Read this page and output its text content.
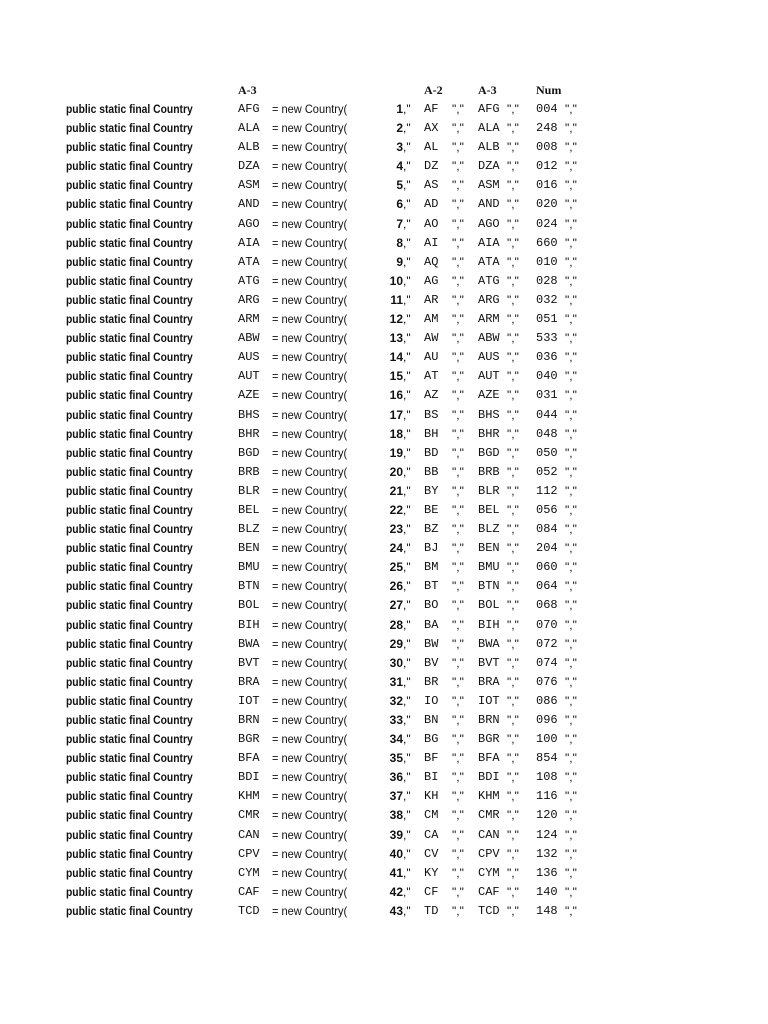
A-3	A-2	A-3	Num
public static final Country	AFG = new Country(	1 ," AF "," AFG "," 004 ","
public static final Country	ALA = new Country(	2 ," AX "," ALA "," 248 ","
public static final Country	ALB = new Country(	3 ," AL "," ALB "," 008 ","
public static final Country	DZA = new Country(	4 ," DZ "," DZA "," 012 ","
public static final Country	ASM = new Country(	5 ," AS "," ASM "," 016 ","
public static final Country	AND = new Country(	6 ," AD "," AND "," 020 ","
public static final Country	AGO = new Country(	7 ," AO "," AGO "," 024 ","
public static final Country	AIA = new Country(	8 ," AI "," AIA "," 660 ","
public static final Country	ATA = new Country(	9 ," AQ "," ATA "," 010 ","
public static final Country	ATG = new Country(	10 ," AG "," ATG "," 028 ","
public static final Country	ARG = new Country(	11 ," AR "," ARG "," 032 ","
public static final Country	ARM = new Country(	12 ," AM "," ARM "," 051 ","
public static final Country	ABW = new Country(	13 ," AW "," ABW "," 533 ","
public static final Country	AUS = new Country(	14 ," AU "," AUS "," 036 ","
public static final Country	AUT = new Country(	15 ," AT "," AUT "," 040 ","
public static final Country	AZE = new Country(	16 ," AZ "," AZE "," 031 ","
public static final Country	BHS = new Country(	17 ," BS "," BHS "," 044 ","
public static final Country	BHR = new Country(	18 ," BH "," BHR "," 048 ","
public static final Country	BGD = new Country(	19 ," BD "," BGD "," 050 ","
public static final Country	BRB = new Country(	20 ," BB "," BRB "," 052 ","
public static final Country	BLR = new Country(	21 ," BY "," BLR "," 112 ","
public static final Country	BEL = new Country(	22 ," BE "," BEL "," 056 ","
public static final Country	BLZ = new Country(	23 ," BZ "," BLZ "," 084 ","
public static final Country	BEN = new Country(	24 ," BJ "," BEN "," 204 ","
public static final Country	BMU = new Country(	25 ," BM "," BMU "," 060 ","
public static final Country	BTN = new Country(	26 ," BT "," BTN "," 064 ","
public static final Country	BOL = new Country(	27 ," BO "," BOL "," 068 ","
public static final Country	BIH = new Country(	28 ," BA "," BIH "," 070 ","
public static final Country	BWA = new Country(	29 ," BW "," BWA "," 072 ","
public static final Country	BVT = new Country(	30 ," BV "," BVT "," 074 ","
public static final Country	BRA = new Country(	31 ," BR "," BRA "," 076 ","
public static final Country	IOT = new Country(	32 ," IO "," IOT "," 086 ","
public static final Country	BRN = new Country(	33 ," BN "," BRN "," 096 ","
public static final Country	BGR = new Country(	34 ," BG "," BGR "," 100 ","
public static final Country	BFA = new Country(	35 ," BF "," BFA "," 854 ","
public static final Country	BDI = new Country(	36 ," BI "," BDI "," 108 ","
public static final Country	KHM = new Country(	37 ," KH "," KHM "," 116 ","
public static final Country	CMR = new Country(	38 ," CM "," CMR "," 120 ","
public static final Country	CAN = new Country(	39 ," CA "," CAN "," 124 ","
public static final Country	CPV = new Country(	40 ," CV "," CPV "," 132 ","
public static final Country	CYM = new Country(	41 ," KY "," CYM "," 136 ","
public static final Country	CAF = new Country(	42 ," CF "," CAF "," 140 ","
public static final Country	TCD = new Country(	43 ," TD "," TCD "," 148 ","
